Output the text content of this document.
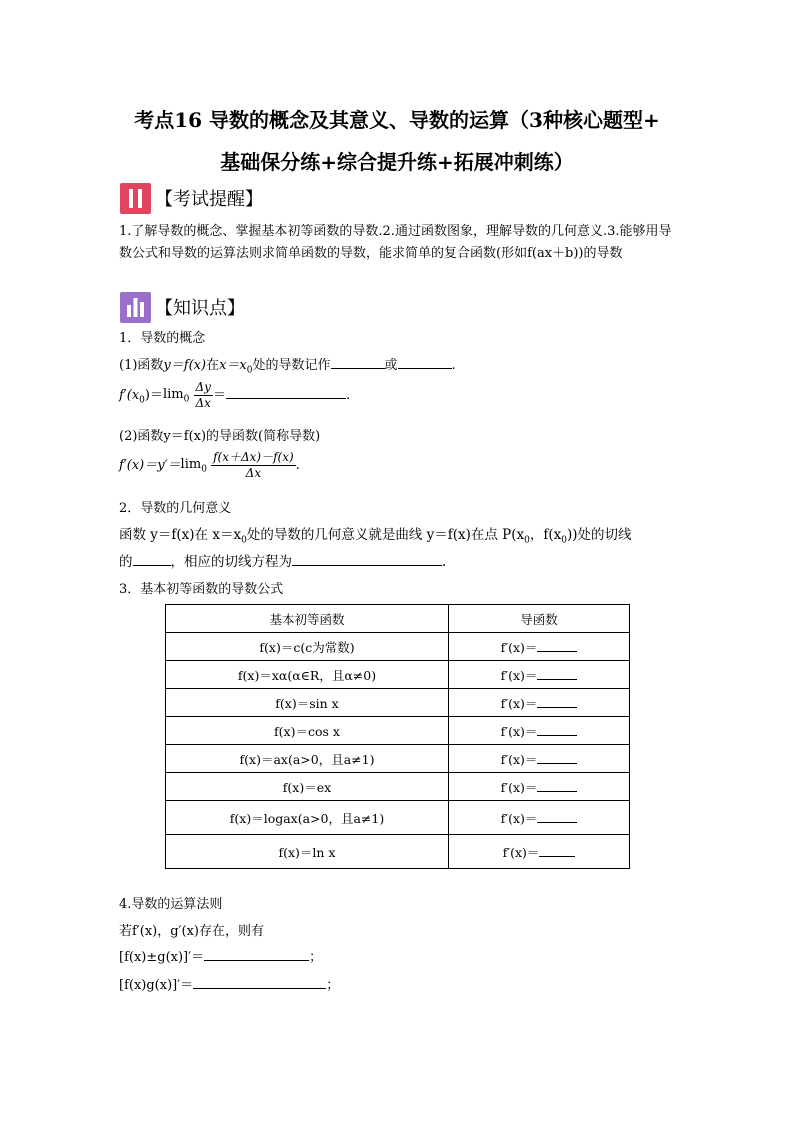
考点16 导数的概念及其意义、导数的运算（3种核心题型+
基础保分练+综合提升练+拓展冲刺练）
【考试提醒】
1.了解导数的概念、掌握基本初等函数的导数.2.通过函数图象，理解导数的几何意义.3.能够用导数公式和导数的运算法则求简单函数的导数，能求简单的复合函数(形如f(ax＋b))的导数
【知识点】
1．导数的概念
(1)函数y＝f(x)在$x=x_0$处的导数记作	或	.
$f'(x_0)=\lim_0 \frac{\Delta y}{\Delta x}$ ＝	.
(2)函数y＝f(x)的导函数(简称导数)
$f'(x)=y'=\lim_0 \frac{f(x+\Delta x)-f(x)}{\Delta x}$ .
2．导数的几何意义
函数 y＝f(x)在 $x=x_0$处的导数的几何意义就是曲线 y＝f(x)在点 $P(x_0$，$f(x_0)$)处的切线
的	，相应的切线方程为	.
3．基本初等函数的导数公式
基本初等函数	导函数
f(x)＝c(c为常数)	f′(x)＝
f(x)＝xα(α∈R，且α≠0)	f′(x)＝
f(x)＝sin x	f′(x)＝
f(x)＝cos x	f′(x)＝
f(x)＝ax(a>0，且a≠1)	f′(x)＝
f(x)＝ex	f′(x)＝
f(x)＝logax(a>0，且a≠1)	f′(x)＝
f(x)＝ln x	f′(x)＝
4.导数的运算法则
若f′(x)，g′(x)存在，则有
[f(x)±g(x)]′＝	；
[f(x)g(x)]′＝	；
